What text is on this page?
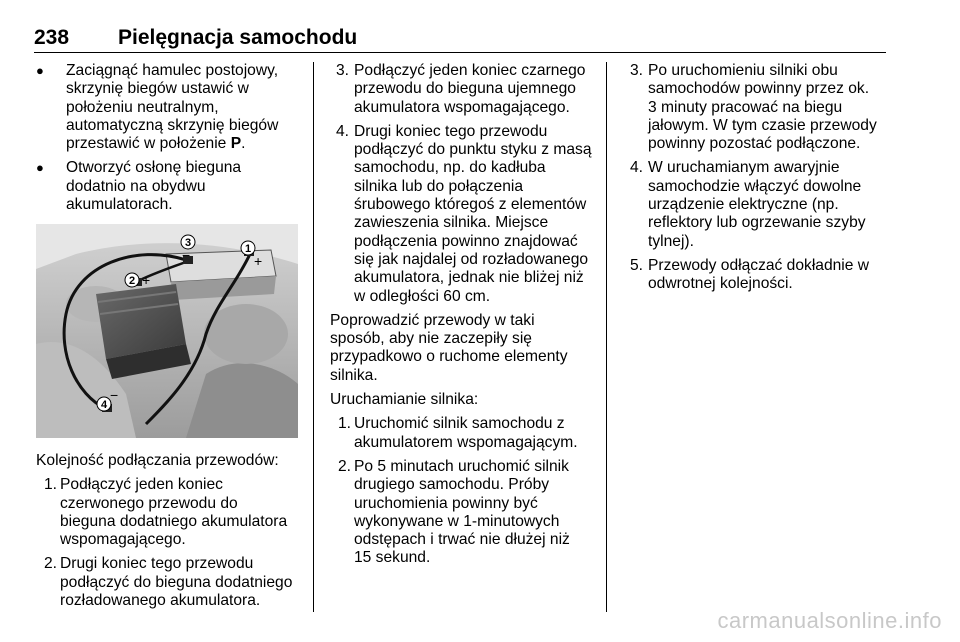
238 Pielęgnacja samochodu
●	Zaciągnąć hamulec postojowy,
skrzynię biegów ustawić w
położeniu neutralnym,
automatyczną skrzynię biegów
przestawić w położenie P.
●	Otworzyć osłonę bieguna
dodatnio na obydwu
akumulatorach.
3
−	1
+
2 +
4
−

Kolejność podłączania przewodów:

1. Podłączyć jeden koniec
czerwonego przewodu do
bieguna dodatniego akumulatora
wspomagającego.
2. Drugi koniec tego przewodu
podłączyć do bieguna dodatniego
rozładowanego akumulatora.
3. Podłączyć jeden koniec czarnego
przewodu do bieguna ujemnego
akumulatora wspomagającego.
4. Drugi koniec tego przewodu
podłączyć do punktu styku z masą
samochodu, np. do kadłuba
silnika lub do połączenia
śrubowego któregoś z elementów
zawieszenia silnika. Miejsce
podłączenia powinno znajdować
się jak najdalej od rozładowanego
akumulatora, jednak nie bliżej niż
w odległości 60 cm.

Poprowadzić przewody w taki
sposób, aby nie zaczepiły się
przypadkowo o ruchome elementy
silnika.

Uruchamianie silnika:

1. Uruchomić silnik samochodu z
akumulatorem wspomagającym.
2. Po 5 minutach uruchomić silnik
drugiego samochodu. Próby
uruchomienia powinny być
wykonywane w 1-minutowych
odstępach i trwać nie dłużej niż
15 sekund.
3. Po uruchomieniu silniki obu
samochodów powinny przez ok.
3 minuty pracować na biegu
jałowym. W tym czasie przewody
powinny pozostać podłączone.
4. W uruchamianym awaryjnie
samochodzie włączyć dowolne
urządzenie elektryczne (np.
reflektory lub ogrzewanie szyby
tylnej).
5. Przewody odłączać dokładnie w
odwrotnej kolejności.
carmanualsonline.info
